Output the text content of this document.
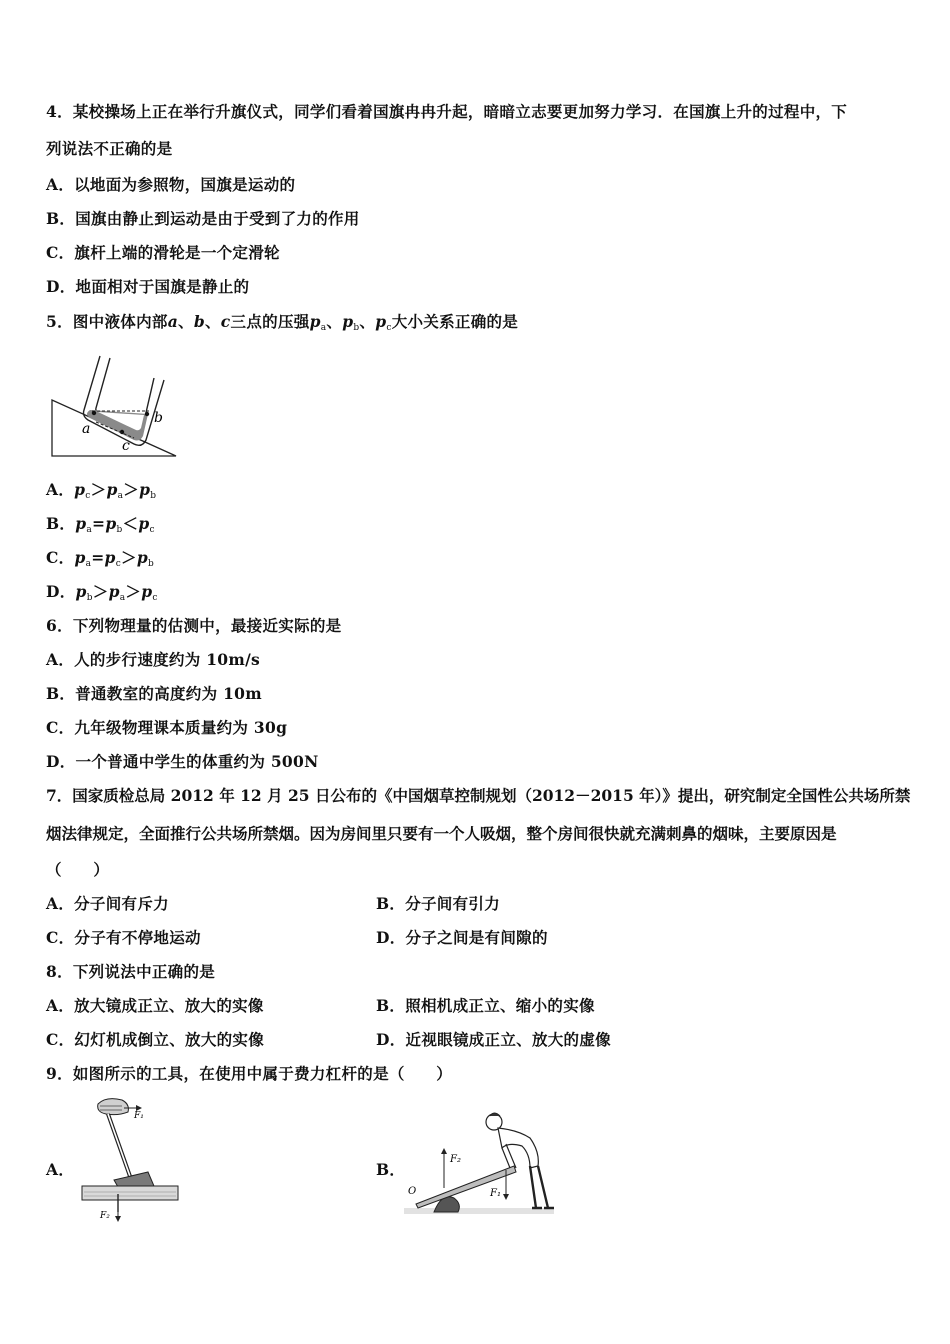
4．某校操场上正在举行升旗仪式，同学们看着国旗冉冉升起，暗暗立志要更加努力学习．在国旗上升的过程中，下
列说法不正确的是
A．以地面为参照物，国旗是运动的
B．国旗由静止到运动是由于受到了力的作用
C．旗杆上端的滑轮是一个定滑轮
D．地面相对于国旗是静止的
5．图中液体内部a、b、c三点的压强$p_a$、$p_b$、$p_c$大小关系正确的是
a
b
c
A．$p_c>p_a>p_b$
B．$p_a=p_b<p_c$
C．$p_a=p_c>p_b$
D．$p_b>p_a>p_c$
6．下列物理量的估测中，最接近实际的是
A．人的步行速度约为 10m/s
B．普通教室的高度约为 10m
C．九年级物理课本质量约为 30g
D．一个普通中学生的体重约为 500N
7．国家质检总局 2012 年 12 月 25 日公布的《中国烟草控制规划（2012－2015 年）》提出，研究制定全国性公共场所禁
烟法律规定，全面推行公共场所禁烟。因为房间里只要有一个人吸烟，整个房间很快就充满刺鼻的烟味，主要原因是
（　　）
A．分子间有斥力	B．分子间有引力
C．分子有不停地运动	D．分子之间是有间隙的
8．下列说法中正确的是
A．放大镜成正立、放大的实像	B．照相机成正立、缩小的实像
C．幻灯机成倒立、放大的实像	D．近视眼镜成正立、放大的虚像
9．如图所示的工具，在使用中属于费力杠杆的是（　　）
A．	B．
F₁
F₂
O
F₂
F₁
